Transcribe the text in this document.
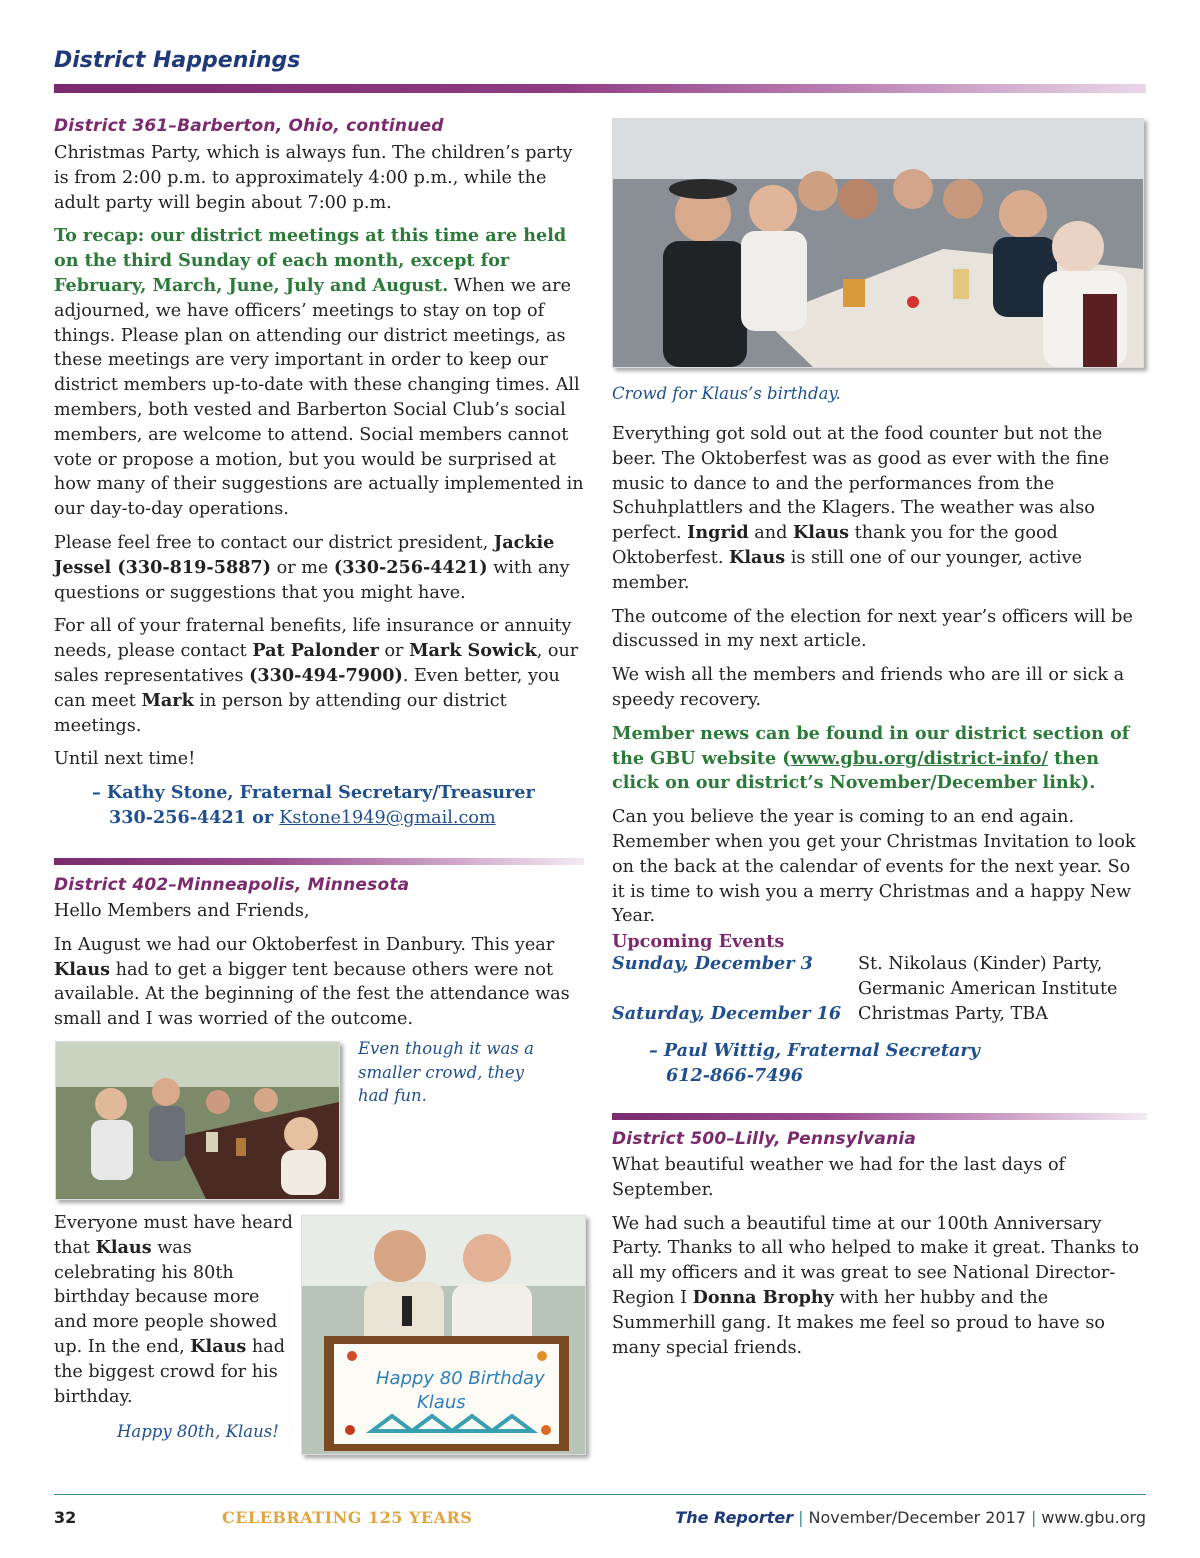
District Happenings
District 361–Barberton, Ohio, continued

Christmas Party, which is always fun. The children’s party is from 2:00 p.m. to approximately 4:00 p.m., while the adult party will begin about 7:00 p.m.

To recap: our district meetings at this time are held on the third Sunday of each month, except for February, March, June, July and August. When we are adjourned, we have officers’ meetings to stay on top of things. Please plan on attending our district meetings, as these meetings are very important in order to keep our district members up-to-date with these changing times. All members, both vested and Barberton Social Club’s social members, are welcome to attend. Social members cannot vote or propose a motion, but you would be surprised at how many of their suggestions are actually implemented in our day-to-day operations.

Please feel free to contact our district president, Jackie Jessel (330-819-5887) or me (330-256-4421) with any questions or suggestions that you might have.

For all of your fraternal benefits, life insurance or annuity needs, please contact Pat Palonder or Mark Sowick, our sales representatives (330-494-7900). Even better, you can meet Mark in person by attending our district meetings.

Until next time!

– Kathy Stone, Fraternal Secretary/Treasurer
330-256-4421 or Kstone1949@gmail.com
District 402–Minneapolis, Minnesota

Hello Members and Friends,

In August we had our Oktoberfest in Danbury. This year Klaus had to get a bigger tent because others were not available. At the beginning of the fest the attendance was small and I was worried of the outcome.

Even though it was a smaller crowd, they had fun.

Everyone must have heard that Klaus was celebrating his 80th birthday because more and more people showed up. In the end, Klaus had the biggest crowd for his birthday.

Happy 80 Birthday
Klaus
Happy 80th, Klaus!
Crowd for Klaus’s birthday.

Everything got sold out at the food counter but not the beer. The Oktoberfest was as good as ever with the fine music to dance to and the performances from the Schuhplattlers and the Klagers. The weather was also perfect. Ingrid and Klaus thank you for the good Oktoberfest. Klaus is still one of our younger, active member.

The outcome of the election for next year’s officers will be discussed in my next article.

We wish all the members and friends who are ill or sick a speedy recovery.

Member news can be found in our district section of the GBU website (www.gbu.org/district-info/ then click on our district’s November/December link).

Can you believe the year is coming to an end again. Remember when you get your Christmas Invitation to look on the back at the calendar of events for the next year. So it is time to wish you a merry Christmas and a happy New Year.

Upcoming Events
Sunday, December 3	St. Nikolaus (Kinder) Party, Germanic American Institute
Saturday, December 16 Christmas Party, TBA
– Paul Wittig, Fraternal Secretary
612-866-7496
District 500–Lilly, Pennsylvania

What beautiful weather we had for the last days of September.

We had such a beautiful time at our 100th Anniversary Party. Thanks to all who helped to make it great. Thanks to all my officers and it was great to see National Director- Region I Donna Brophy with her hubby and the Summerhill gang. It makes me feel so proud to have so many special friends.

32	CELEBRATING 125 YEARS	The Reporter | November/December 2017 | www.gbu.org
